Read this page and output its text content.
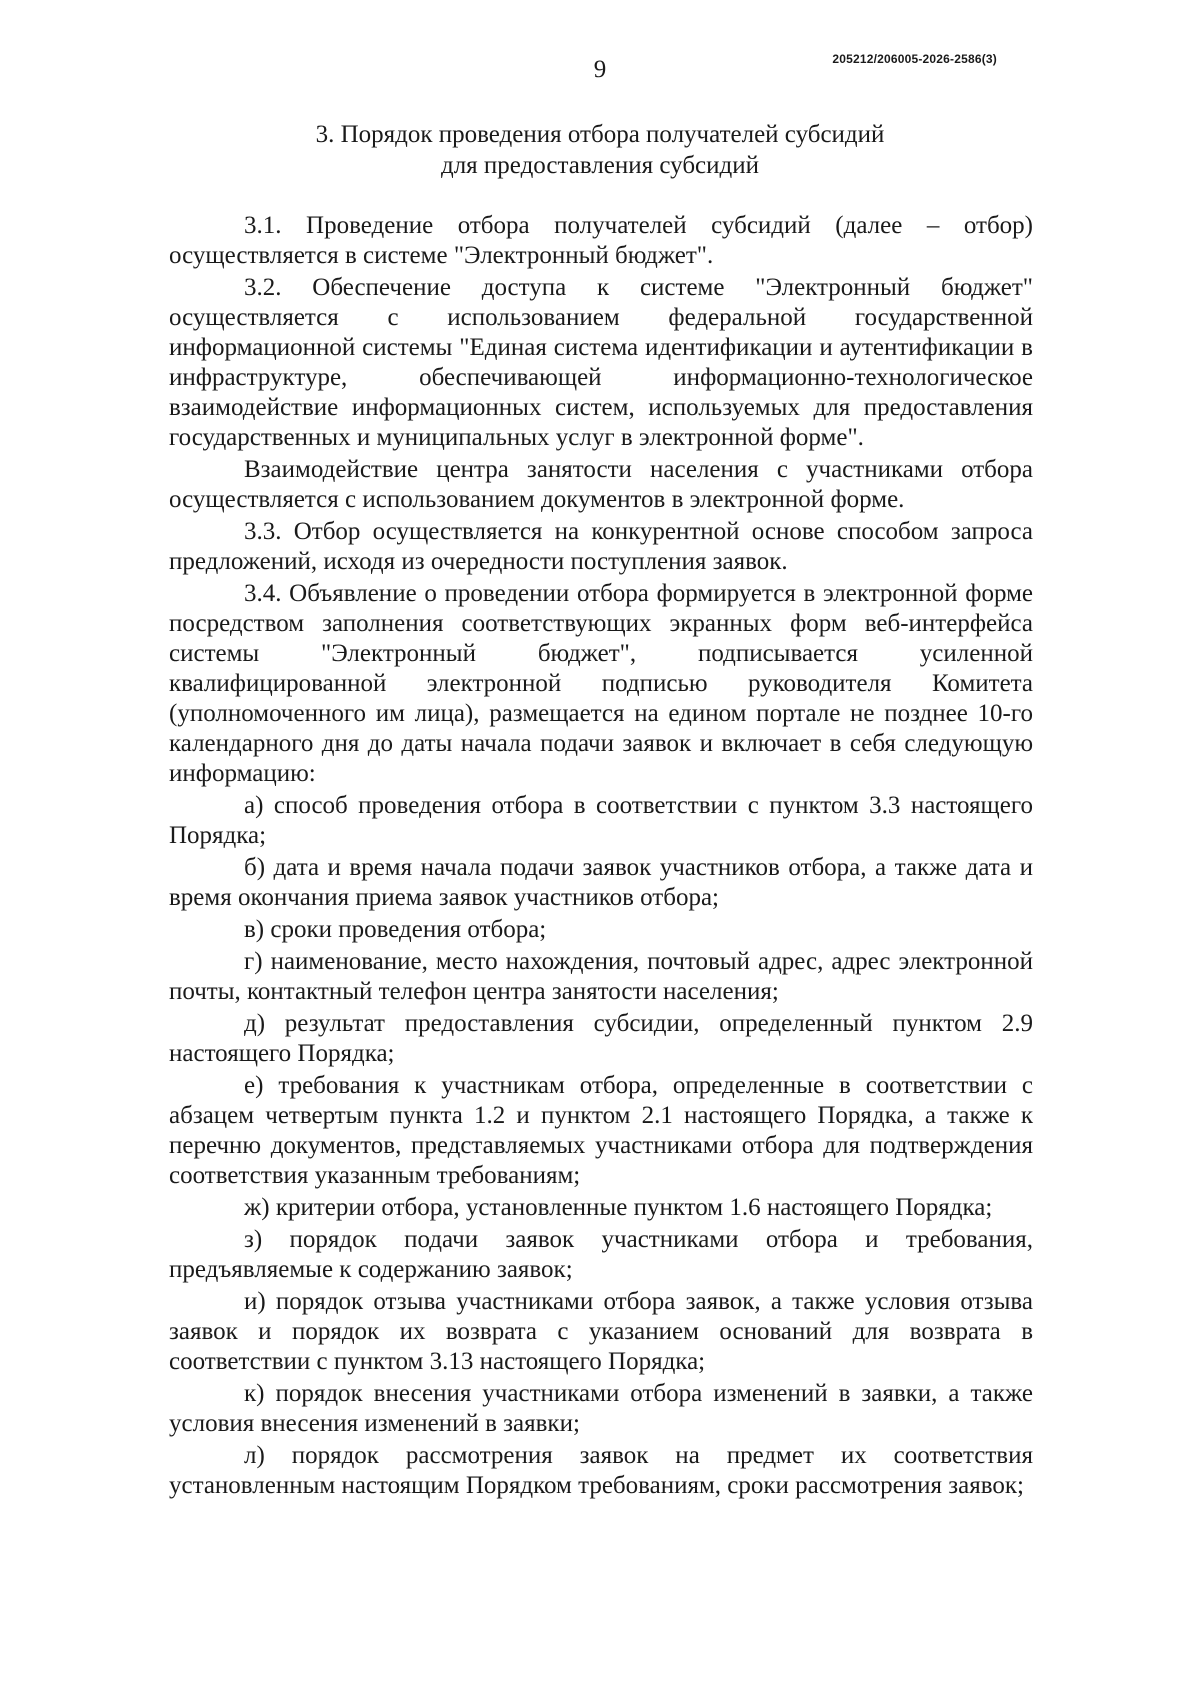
205212/206005-2026-2586(3)
9
3. Порядок проведения отбора получателей субсидий
для предоставления субсидий

3.1. Проведение отбора получателей субсидий (далее – отбор) осуществляется в системе "Электронный бюджет".

3.2. Обеспечение доступа к системе "Электронный бюджет" осуществляется с использованием федеральной государственной информационной системы "Единая система идентификации и аутентификации в инфраструктуре, обеспечивающей информационно-технологическое взаимодействие информационных систем, используемых для предоставления государственных и муниципальных услуг в электронной форме".

Взаимодействие центра занятости населения с участниками отбора осуществляется с использованием документов в электронной форме.

3.3. Отбор осуществляется на конкурентной основе способом запроса предложений, исходя из очередности поступления заявок.

3.4. Объявление о проведении отбора формируется в электронной форме посредством заполнения соответствующих экранных форм веб-интерфейса системы "Электронный бюджет", подписывается усиленной квалифицированной электронной подписью руководителя Комитета (уполномоченного им лица), размещается на едином портале не позднее 10-го календарного дня до даты начала подачи заявок и включает в себя следующую информацию:

а) способ проведения отбора в соответствии с пунктом 3.3 настоящего Порядка;

б) дата и время начала подачи заявок участников отбора, а также дата и время окончания приема заявок участников отбора;

в) сроки проведения отбора;

г) наименование, место нахождения, почтовый адрес, адрес электронной почты, контактный телефон центра занятости населения;

д) результат предоставления субсидии, определенный пунктом 2.9 настоящего Порядка;

е) требования к участникам отбора, определенные в соответствии с абзацем четвертым пункта 1.2 и пунктом 2.1 настоящего Порядка, а также к перечню документов, представляемых участниками отбора для подтверждения соответствия указанным требованиям;

ж) критерии отбора, установленные пунктом 1.6 настоящего Порядка;

з) порядок подачи заявок участниками отбора и требования, предъявляемые к содержанию заявок;

и) порядок отзыва участниками отбора заявок, а также условия отзыва заявок и порядок их возврата с указанием оснований для возврата в соответствии с пунктом 3.13 настоящего Порядка;

к) порядок внесения участниками отбора изменений в заявки, а также условия внесения изменений в заявки;

л) порядок рассмотрения заявок на предмет их соответствия установленным настоящим Порядком требованиям, сроки рассмотрения заявок;
